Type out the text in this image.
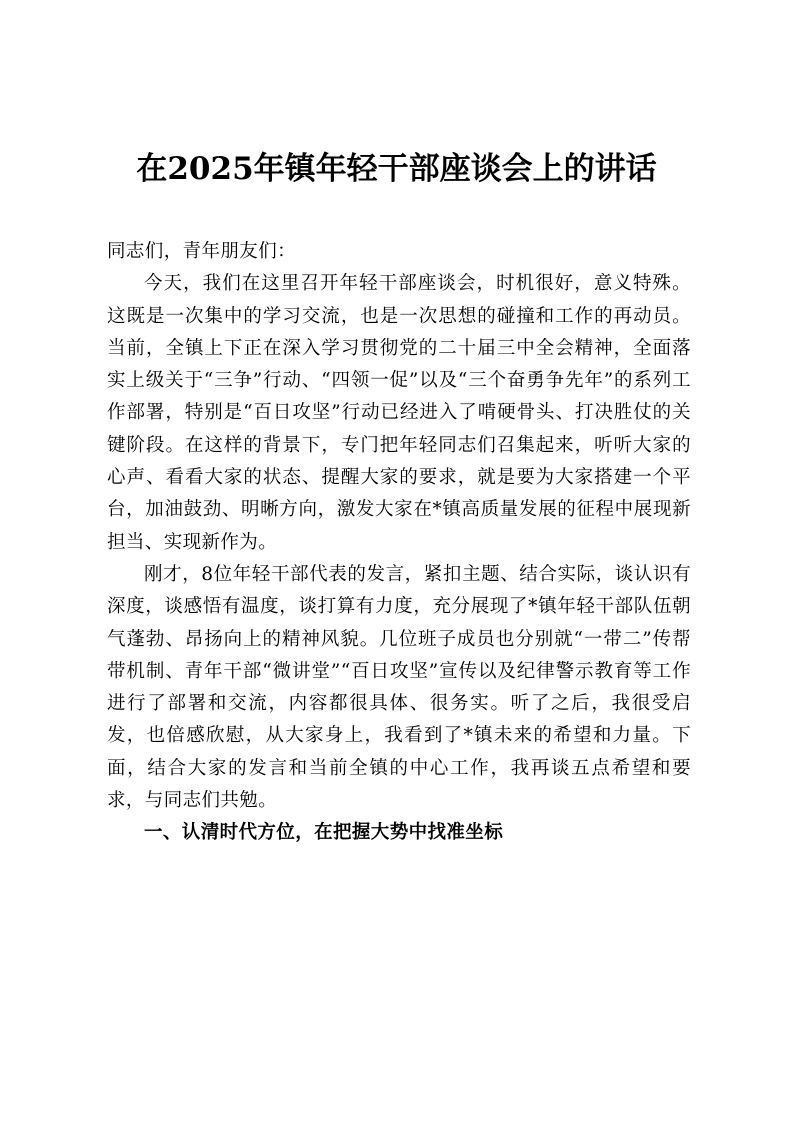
在2025年镇年轻干部座谈会上的讲话

同志们，青年朋友们：

今天，我们在这里召开年轻干部座谈会，时机很好，意义特殊。这既是一次集中的学习交流，也是一次思想的碰撞和工作的再动员。当前，全镇上下正在深入学习贯彻党的二十届三中全会精神，全面落实上级关于“三争”行动、“四领一促”以及“三个奋勇争先年”的系列工作部署，特别是“百日攻坚”行动已经进入了啃硬骨头、打决胜仗的关键阶段。在这样的背景下，专门把年轻同志们召集起来，听听大家的心声、看看大家的状态、提醒大家的要求，就是要为大家搭建一个平台，加油鼓劲、明晰方向，激发大家在*镇高质量发展的征程中展现新担当、实现新作为。

刚才，8位年轻干部代表的发言，紧扣主题、结合实际，谈认识有深度，谈感悟有温度，谈打算有力度，充分展现了*镇年轻干部队伍朝气蓬勃、昂扬向上的精神风貌。几位班子成员也分别就“一带二”传帮带机制、青年干部“微讲堂”“百日攻坚”宣传以及纪律警示教育等工作进行了部署和交流，内容都很具体、很务实。听了之后，我很受启发，也倍感欣慰，从大家身上，我看到了*镇未来的希望和力量。下面，结合大家的发言和当前全镇的中心工作，我再谈五点希望和要求，与同志们共勉。

一、认清时代方位，在把握大势中找准坐标
